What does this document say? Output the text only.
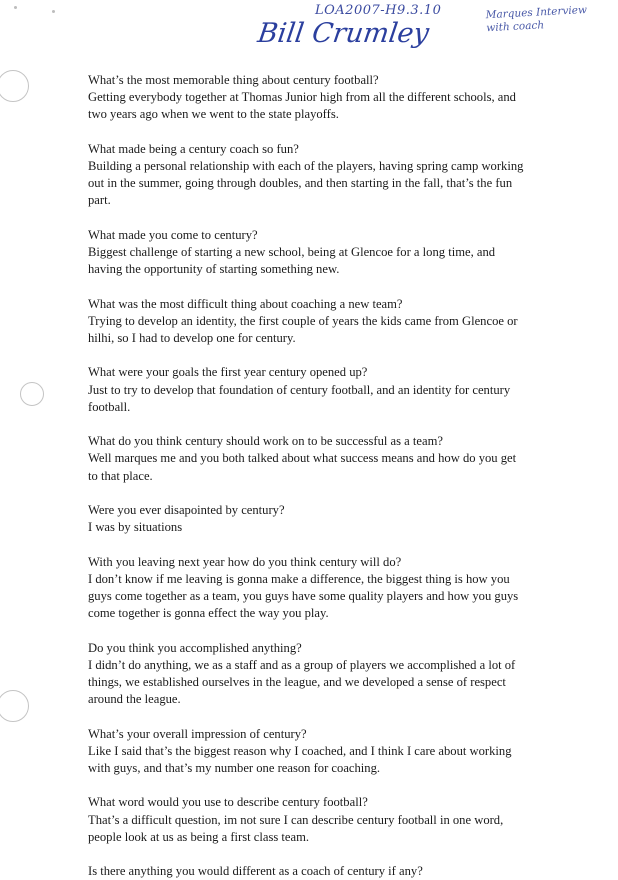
LOA2007-H9.3.10
Bill Crumley
Marques Interview with coach

What’s the most memorable thing about century football?

Getting everybody together at Thomas Junior high from all the different schools, and two years ago when we went to the state playoffs.

What made being a century coach so fun?

Building a personal relationship with each of the players, having spring camp working out in the summer, going through doubles, and then starting in the fall, that’s the fun part.

What made you come to century?

Biggest challenge of starting a new school, being at Glencoe for a long time, and having the opportunity of starting something new.

What was the most difficult thing about coaching a new team?

Trying to develop an identity, the first couple of years the kids came from Glencoe or hilhi, so I had to develop one for century.

What were your goals the first year century opened up?

Just to try to develop that foundation of century football, and an identity for century football.

What do you think century should work on to be successful as a team?

Well marques me and you both talked about what success means and how do you get to that place.

Were you ever disapointed by century?

I was by situations

With you leaving next year how do you think century will do?

I don’t know if me leaving is gonna make a difference, the biggest thing is how you guys come together as a team, you guys have some quality players and how you guys come together is gonna effect the way you play.

Do you think you accomplished anything?

I didn’t do anything, we as a staff and as a group of players we accomplished a lot of things, we established ourselves in the league, and we developed a sense of respect around the league.

What’s your overall impression of century?

Like I said that’s the biggest reason why I coached, and I think I care about working with guys, and that’s my number one reason for coaching.

What word would you use to describe century football?

That’s a difficult question, im not sure I can describe century football in one word, people look at us as being a first class team.

Is there anything you would different as a coach of century if any?
